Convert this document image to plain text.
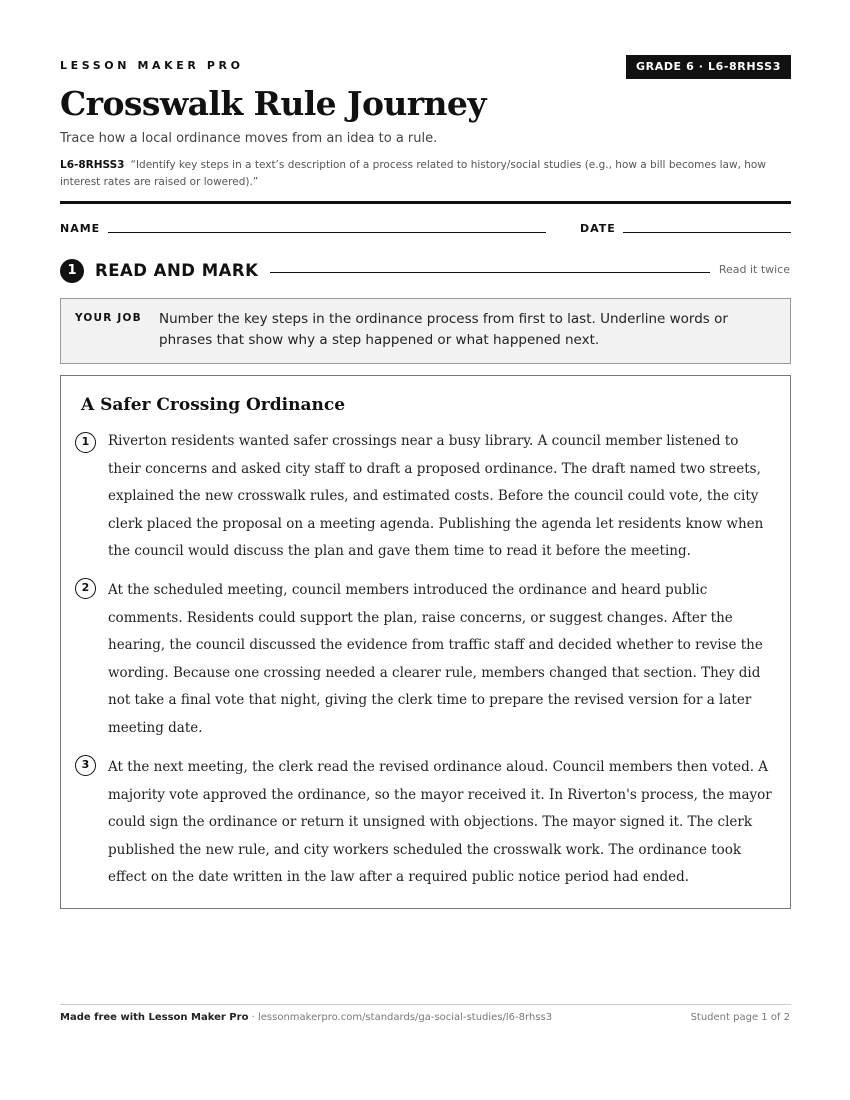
LESSON MAKER PRO	GRADE 6 · L6-8RHSS3
Crosswalk Rule Journey
Trace how a local ordinance moves from an idea to a rule.
L6-8RHSS3 “Identify key steps in a text’s description of a process related to history/social studies (e.g., how a bill becomes law, how interest rates are raised or lowered).”
NAME	DATE
1	READ AND MARK	Read it twice
YOUR JOB Number the key steps in the ordinance process from first to last. Underline words or phrases that show why a step happened or what happened next.
A Safer Crossing Ordinance
1	Riverton residents wanted safer crossings near a busy library. A council member listened to their concerns and asked city staff to draft a proposed ordinance. The draft named two streets, explained the new crosswalk rules, and estimated costs. Before the council could vote, the city clerk placed the proposal on a meeting agenda. Publishing the agenda let residents know when the council would discuss the plan and gave them time to read it before the meeting.

2	At the scheduled meeting, council members introduced the ordinance and heard public comments. Residents could support the plan, raise concerns, or suggest changes. After the hearing, the council discussed the evidence from traffic staff and decided whether to revise the wording. Because one crossing needed a clearer rule, members changed that section. They did not take a final vote that night, giving the clerk time to prepare the revised version for a later meeting date.

3	At the next meeting, the clerk read the revised ordinance aloud. Council members then voted. A majority vote approved the ordinance, so the mayor received it. In Riverton's process, the mayor could sign the ordinance or return it unsigned with objections. The mayor signed it. The clerk published the new rule, and city workers scheduled the crosswalk work. The ordinance took effect on the date written in the law after a required public notice period had ended.

Made free with Lesson Maker Pro · lessonmakerpro.com/standards/ga-social-studies/l6-8rhss3	Student page 1 of 2
